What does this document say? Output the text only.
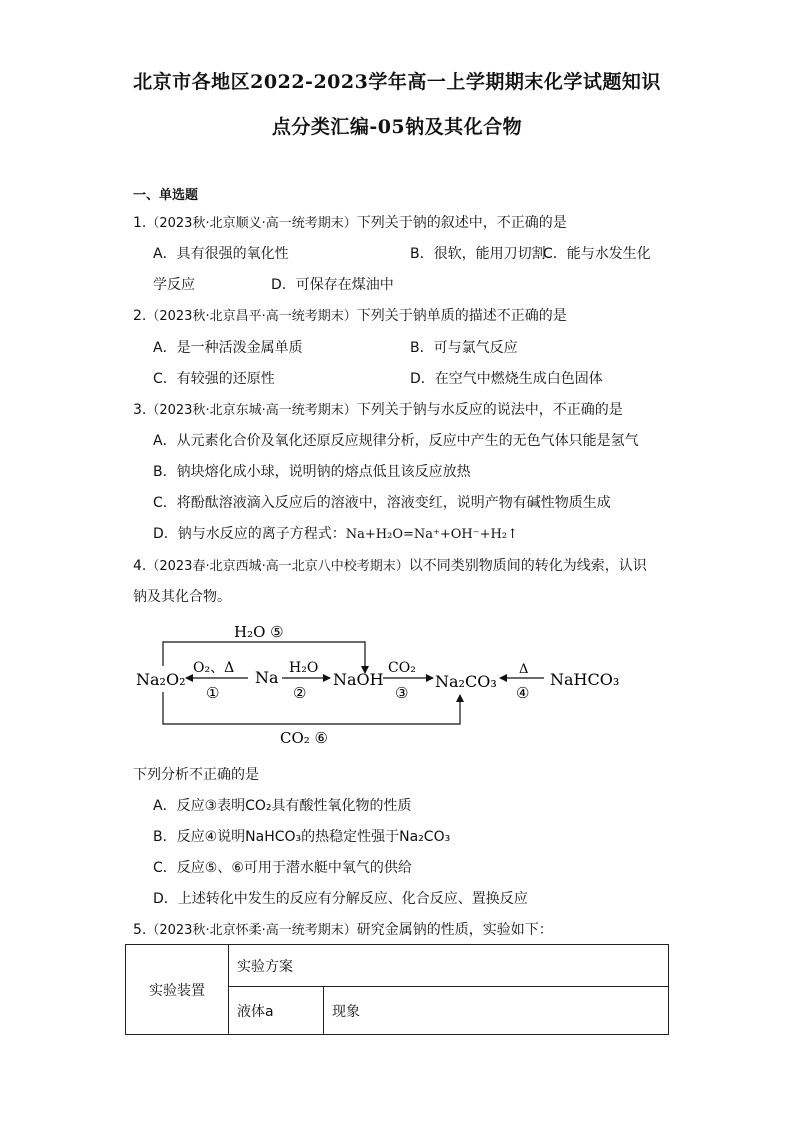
北京市各地区2022-2023学年高一上学期期末化学试题知识
点分类汇编-05钠及其化合物
一、单选题
1.（2023秋·北京顺义·高一统考期末）下列关于钠的叙述中，不正确的是
A．具有很强的氧化性	B．很软，能用刀切割
C．能与水发生化
学反应	D．可保存在煤油中
2.（2023秋·北京昌平·高一统考期末）下列关于钠单质的描述不正确的是
A．是一种活泼金属单质	B．可与氯气反应
C．有较强的还原性	D．在空气中燃烧生成白色固体
3.（2023秋·北京东城·高一统考期末）下列关于钠与水反应的说法中，不正确的是
A．从元素化合价及氧化还原反应规律分析，反应中产生的无色气体只能是氢气
B．钠块熔化成小球，说明钠的熔点低且该反应放热
C．将酚酞溶液滴入反应后的溶液中，溶液变红，说明产物有碱性物质生成
D．钠与水反应的离子方程式：Na+H₂O=Na⁺+OH⁻+H₂↑
4.（2023春·北京西城·高一北京八中校考期末）以不同类别物质间的转化为线索，认识
钠及其化合物。
H₂O ⑤
CO₂ ⑥
Na₂O₂	Na	NaOH	Na₂CO₃	NaHCO₃
O₂、Δ
①
H₂O
②
CO₂
③
Δ
④
下列分析不正确的是
A．反应③表明CO₂具有酸性氧化物的性质
B．反应④说明NaHCO₃的热稳定性强于Na₂CO₃
C．反应⑤、⑥可用于潜水艇中氧气的供给
D．上述转化中发生的反应有分解反应、化合反应、置换反应
5.（2023秋·北京怀柔·高一统考期末）研究金属钠的性质，实验如下：
实验装置	实验方案	
	液体a	现象
